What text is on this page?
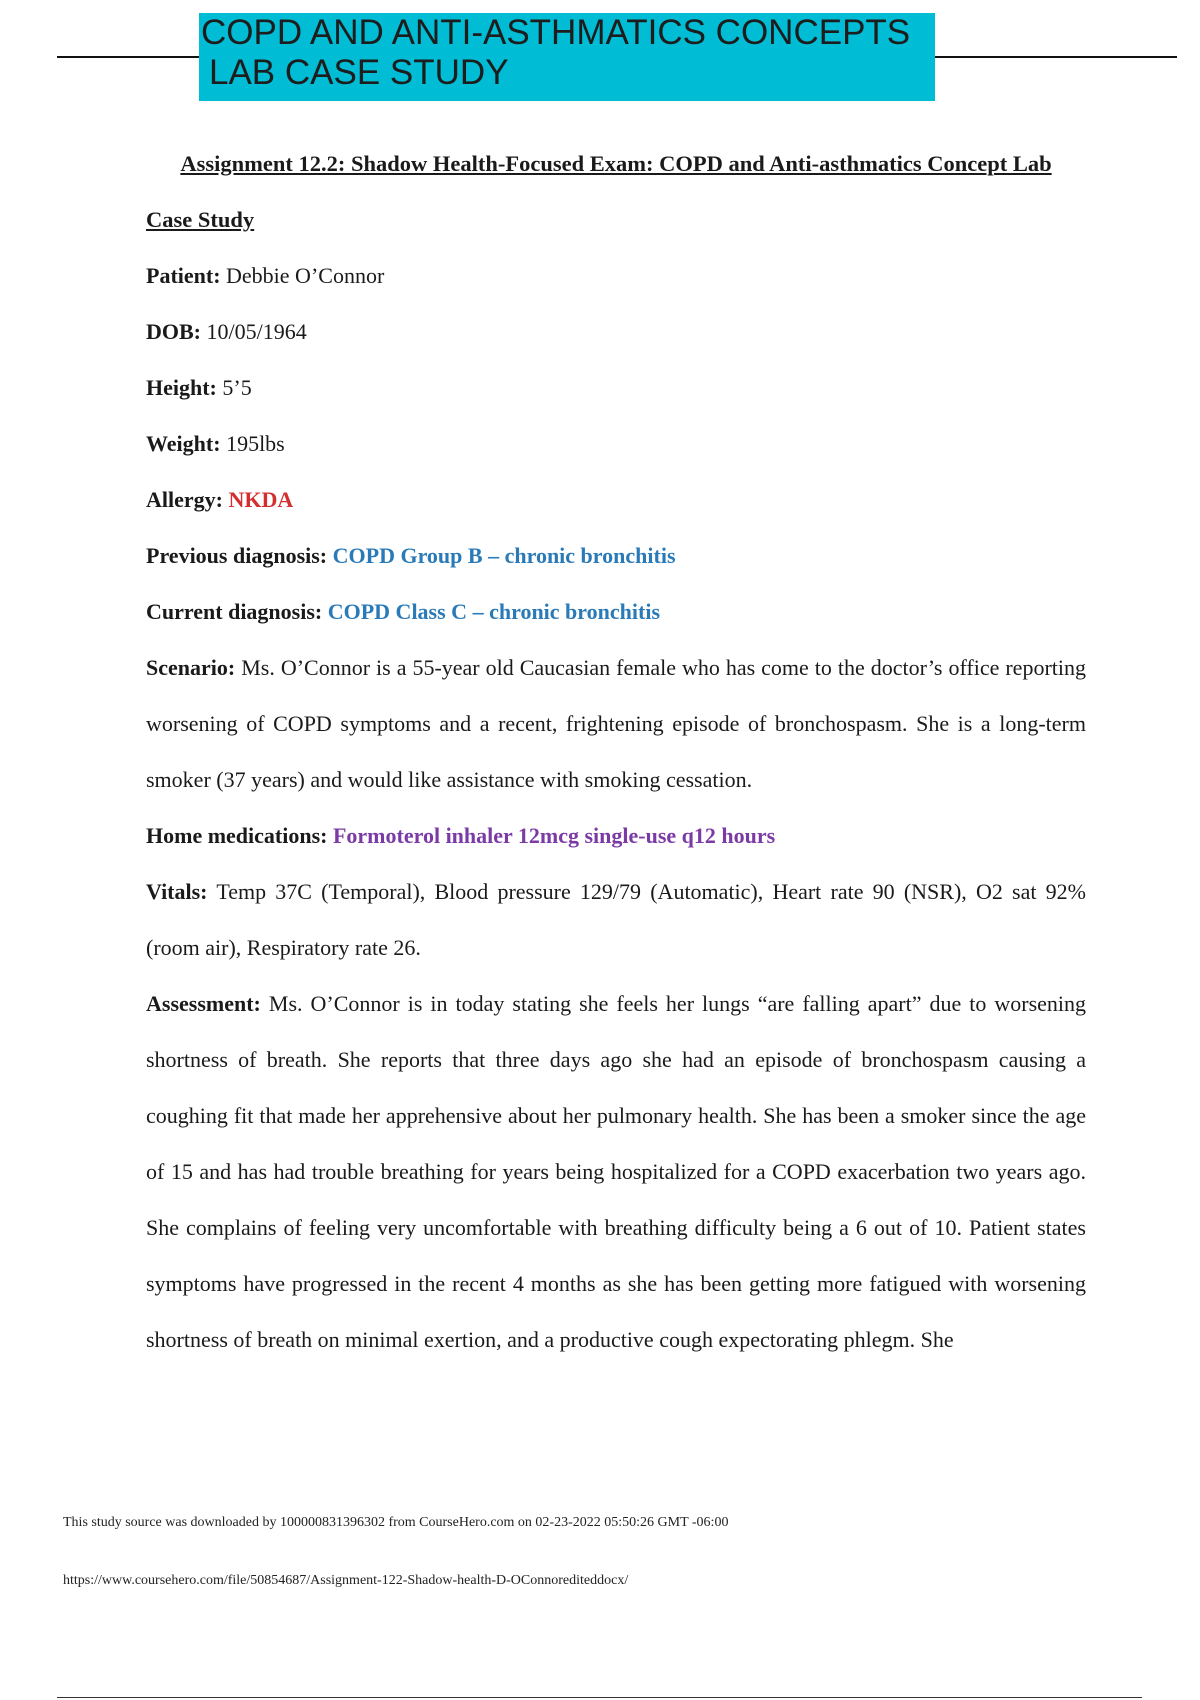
COPD AND ANTI-ASTHMATICS CONCEPTS
LAB CASE STUDY
Assignment 12.2: Shadow Health-Focused Exam: COPD and Anti-asthmatics Concept Lab
Case Study
Patient: Debbie O’Connor
DOB: 10/05/1964
Height: 5’5
Weight: 195lbs
Allergy: NKDA
Previous diagnosis: COPD Group B – chronic bronchitis
Current diagnosis: COPD Class C – chronic bronchitis

Scenario: Ms. O’Connor is a 55-year old Caucasian female who has come to the doctor’s office reporting worsening of COPD symptoms and a recent, frightening episode of bronchospasm. She is a long-term smoker (37 years) and would like assistance with smoking cessation.

Home medications: Formoterol inhaler 12mcg single-use q12 hours

Vitals: Temp 37C (Temporal), Blood pressure 129/79 (Automatic), Heart rate 90 (NSR), O2 sat 92% (room air), Respiratory rate 26.

Assessment: Ms. O’Connor is in today stating she feels her lungs “are falling apart” due to worsening shortness of breath. She reports that three days ago she had an episode of bronchospasm causing a coughing fit that made her apprehensive about her pulmonary health. She has been a smoker since the age of 15 and has had trouble breathing for years being hospitalized for a COPD exacerbation two years ago. She complains of feeling very uncomfortable with breathing difficulty being a 6 out of 10. Patient states symptoms have progressed in the recent 4 months as she has been getting more fatigued with worsening shortness of breath on minimal exertion, and a productive cough expectorating phlegm. She

This study source was downloaded by 100000831396302 from CourseHero.com on 02-23-2022 05:50:26 GMT -06:00
https://www.coursehero.com/file/50854687/Assignment-122-Shadow-health-D-OConnorediteddocx/
